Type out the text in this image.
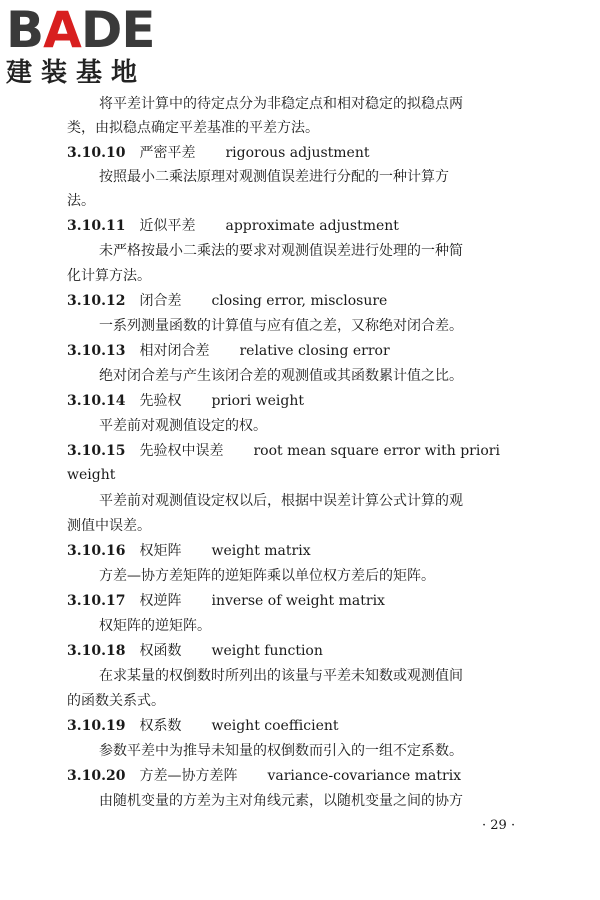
B A DE
建装基地
将平差计算中的待定点分为非稳定点和相对稳定的拟稳点两
类，由拟稳点确定平差基准的平差方法。
3.10.10 严密平差 rigorous adjustment
按照最小二乘法原理对观测值误差进行分配的一种计算方
法。
3.10.11 近似平差 approximate adjustment
未严格按最小二乘法的要求对观测值误差进行处理的一种简
化计算方法。
3.10.12 闭合差 closing error, misclosure
一系列测量函数的计算值与应有值之差，又称绝对闭合差。
3.10.13 相对闭合差 relative closing error
绝对闭合差与产生该闭合差的观测值或其函数累计值之比。
3.10.14 先验权 priori weight
平差前对观测值设定的权。
3.10.15 先验权中误差 root mean square error with priori
weight
平差前对观测值设定权以后，根据中误差计算公式计算的观
测值中误差。
3.10.16 权矩阵 weight matrix
方差—协方差矩阵的逆矩阵乘以单位权方差后的矩阵。
3.10.17 权逆阵 inverse of weight matrix
权矩阵的逆矩阵。
3.10.18 权函数 weight function
在求某量的权倒数时所列出的该量与平差未知数或观测值间
的函数关系式。
3.10.19 权系数 weight coefficient
参数平差中为推导未知量的权倒数而引入的一组不定系数。
3.10.20 方差—协方差阵 variance-covariance matrix
由随机变量的方差为主对角线元素，以随机变量之间的协方
· 29 ·
